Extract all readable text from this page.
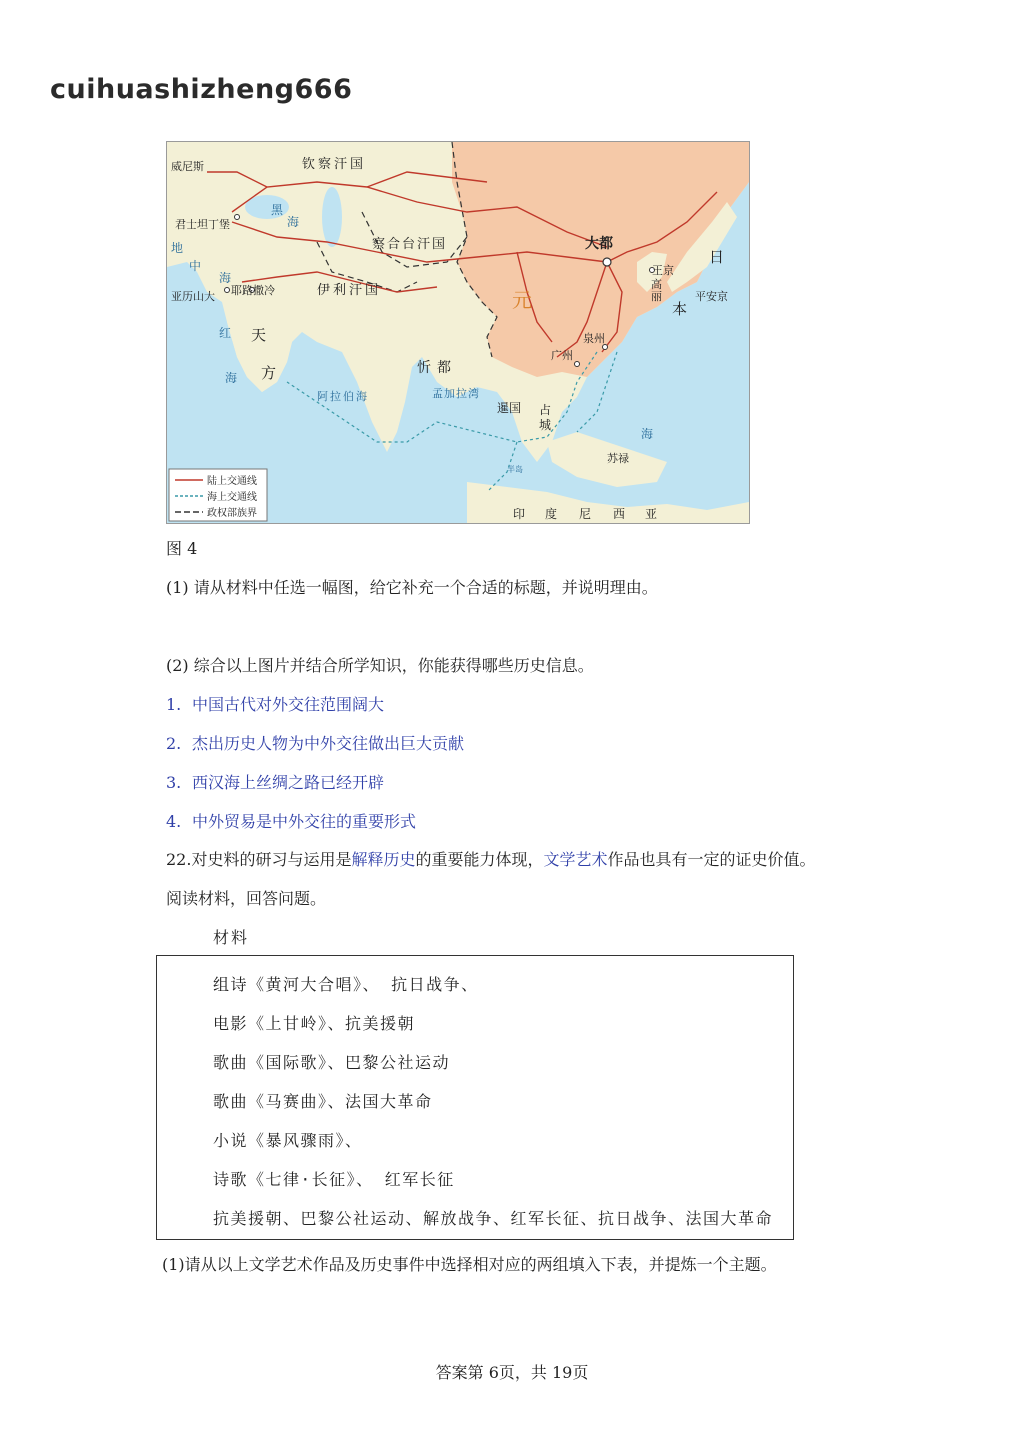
cuihuashizheng666
威尼斯	钦察汗国
君士坦丁堡
黑
海
地
中
海
亚历山大 耶路撒冷
察合台汗国
伊利汗国
天
方
红
海
忻都
阿拉伯海	孟加拉湾
大都
元
王京
高
丽
日
本
平安京
泉州
广州
暹国 占
城
苏禄
海
半岛
印 度 尼 西 亚
陆上交通线
海上交通线
政权部族界
图 4
(1) 请从材料中任选一幅图，给它补充一个合适的标题，并说明理由。
(2) 综合以上图片并结合所学知识，你能获得哪些历史信息。
1. 中国古代对外交往范围阔大
2. 杰出历史人物为中外交往做出巨大贡献
3. 西汉海上丝绸之路已经开辟
4. 中外贸易是中外交往的重要形式
22.对史料的研习与运用是解释历史的重要能力体现，文学艺术作品也具有一定的证史价值。
阅读材料，回答问题。
材料
组诗《黄河大合唱》、 抗日战争、
电影《上甘岭》、抗美援朝
歌曲《国际歌》、巴黎公社运动
歌曲《马赛曲》、法国大革命
小说《暴风骤雨》、
诗歌《七律·长征》、 红军长征
抗美援朝、巴黎公社运动、解放战争、红军长征、抗日战争、法国大革命
(1)请从以上文学艺术作品及历史事件中选择相对应的两组填入下表，并提炼一个主题。
答案第 6页，共 19页
